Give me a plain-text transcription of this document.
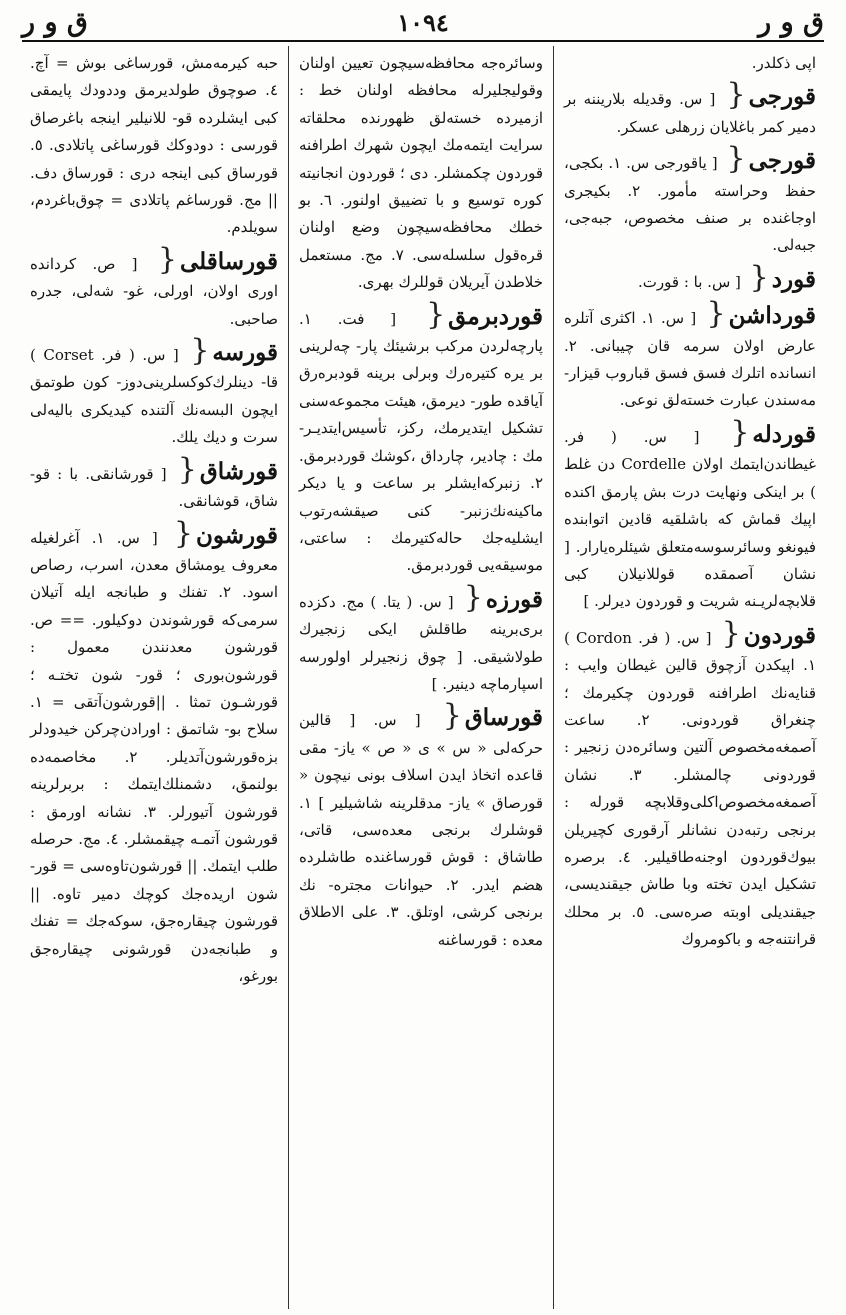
ق و ر
١٠٩٤
ق و ر

اپى ذكلدر.

قورجى{ [ س. وقديله بلاريننه بر دمير كمر باغلايان زرهلى عسكر.

قورجى{ [ ياقورجى س. ١. بكجى، حفظ وحراسته مأمور. ٢. بكيجرى اوجاغنده بر صنف مخصوص، جبه‌جى، جبه‌لى.

قورد{ [ س. با : قورت.

قورداشن{ [ س. ١. اكثرى آتلره عارض اولان سرمه قان چيبانى. ٢. انسانده اتلرك فسق فسق قباروب قيزار- مه‌سندن عبارت خسته‌لق نوعى.

قوردله{ [ س. ( فر. غيطاندن‌ايتمك اولان Cordelle دن غلط ) بر اينكى ونهايت درت بش پارمق اكنده اپيك قماش كه باشلقيه قادين اتوابنده فيونغو وسائرسوسه‌متعلق شيئلره‌يارار. [ نشان آصمقده قوللانيلان كبى قلابچه‌لريـنه شريت و قوردون ديرلر. ]

قوردون{ [ س. ( فر. Cordon ) ١. اپيكدن آزچوق قالين غيطان وايب : قنايه‌نك اطرافنه قوردون چكيرمك ؛ چنغراق قوردونى. ٢. ساعت آصمغه‌مخصوص آلتين وسائره‌دن زنجير : قوردونى چالمشلر. ٣. نشان آصمغه‌مخصوص‌اكلى‌وقلابچه قورله : برنجى رتبه‌دن نشانلر آرقورى كچيريلن بيوك‌قوردون اوجنه‌طاقيلير. ٤. برصره تشكيل ايدن تخته وبا طاش جيقنديسى، جيقنديلى اوبته صره‌سى. ٥. بر محلك قرانتنه‌جه و باكومروك

وسائره‌جه محافظه‌سيچون تعيين اولنان وقوليجليرله محافظه اولنان خط : ازميرده خسته‌لق ظهورنده محلقاته سرايت ايتمه‌مك ايچون شهرك اطرافنه قوردون چكمشلر. دى ؛ قوردون انجانيته كوره توسيع و با تضييق اولنور. ٦. بو خطك محافظه‌سيچون وضع اولنان قره‌قول سلسله‌سى. ٧. مج. مستعمل خلاطدن آيريلان قوللرك بهرى.

قوردبرمق{ [ فت. ١. پارچه‌لردن مركب برشيئك پار- چه‌لرينى بر يره كتيره‌رك وبرلى برينه قودبره‌رق آياقده طور- ديرمق، هيئت مجموعه‌سنى تشكيل ايتديرمك، ركز، تأسيس‌ايتديـر- مك : چادير، چارداق ،كوشك قوردبرمق. ٢. زنبركه‌ايشلر بر ساعت و يا ديكر ماكينه‌نك‌زنبر- كنى صيقشه‌رتوب ايشليه‌جك حاله‌كتيرمك : ساعتى، موسيقه‌يى قوردبرمق.

قورزه{ [ س. ( يتا. ) مج. دكزده برى‌برينه طاقلش ايكى زنجيرك طولاشيقى. [ چوق زنجيرلر اولورسه اسپارماچه دينير. ]

قورساق{ [ س. [ قالين حركه‌لى « س » ى « ص » ياز- مقى قاعده اتخاذ ايدن اسلاف بونى نيچون « قورصاق » ياز- مدقلرينه شاشيلير ] ١. قوشلرك برنجى معده‌سى، قاتى، طاشاق : قوش قورساغنده طاشلرده هضم ايدر. ٢. حيوانات مجتره- نك برنجى كرشى، اوتلق. ٣. على الاطلاق معده : قورساغنه

حبه كيرمه‌مش، قورساغى بوش = آچ. ٤. صوچوق طولديرمق وددودك پايمقى كبى ايشلرده قو- للانيلير اينجه باغرصاق قورسى : دودوكك قورساغى پاتلادى. ٥. قورساق كبى اينجه درى : قورساق دف. || مج. قورساغم پاتلادى = چوق‌باغردم، سويلدم.

قورساقلى{ [ ص. كردانده اورى اولان، اورلى، غو- شه‌لى، جدره صاحبى.

قورسه{ [ س. ( فر. Corset ) قا- دينلرك‌كوكسلرينى‌دوز- كون طوتمق ايچون البسه‌نك آلتنده كيديكرى باليه‌لى سرت و ديك يلك.

قورشاق{ [ قورشانقى. با : قو- شاق، قوشانقى.

قورشون{ [ س. ١. آغرلغيله معروف يومشاق معدن، اسرب، رصاص اسود. ٢. تفنك و طبانجه ايله آتيلان سرمى‌كه قورشوندن دوكيلور. == ص. قورشون معدنندن معمول : قورشون‌بورى ؛ قور- شون تختـه ؛ قورشـون تمثا . ||قورشون‌آتقى = ١. سلاح بو- شاتمق : اورادن‌چركن خيدودلر بزه‌قورشون‌آتديلر. ٢. مخاصمه‌ده بولنمق، دشمنلك‌ايتمك : بربرلرينه قورشون آتيورلر. ٣. نشانه اورمق : قورشون آتمـه چيقمشلر. ٤. مج. حرصله طلب ايتمك. || قورشون‌تاوه‌سى = قور- شون اريدەجك كوچك دمير تاوه. || قورشون چيقاره‌جق، سوكه‌جك = تفنك و طبانجه‌دن قورشونى چيقاره‌جق بورغو،
